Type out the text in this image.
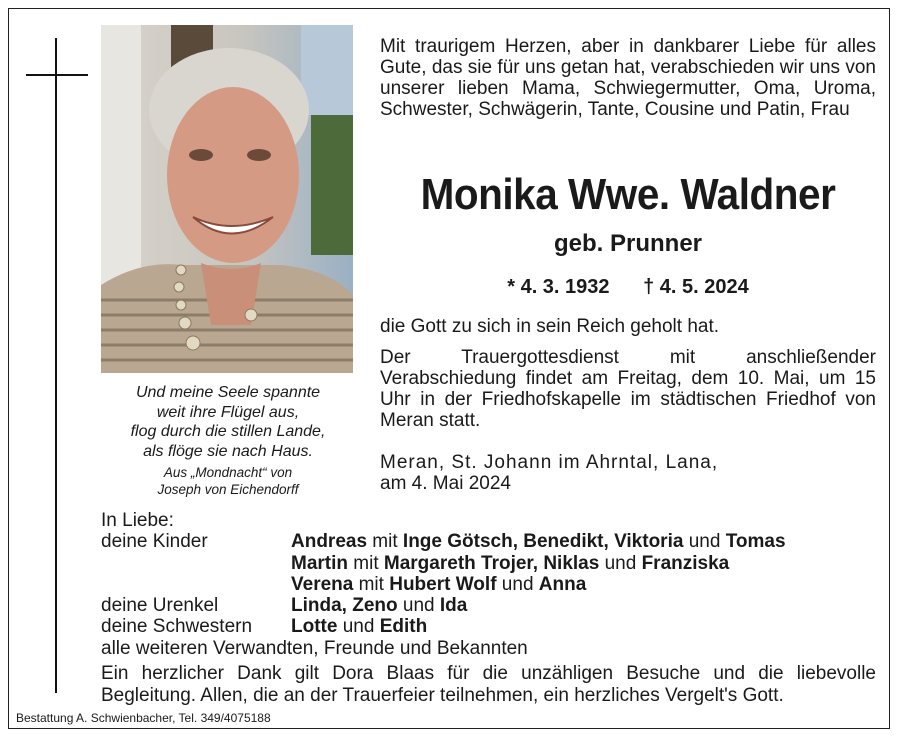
Und meine Seele spannte
weit ihre Flügel aus,
flog durch die stillen Lande,
als flöge sie nach Haus.
Aus „Mondnacht“ von
Joseph von Eichendorff
Mit traurigem Herzen, aber in dankbarer Liebe für alles Gute, das sie für uns getan hat, verabschieden wir uns von unserer lieben Mama, Schwiegermutter, Oma, Uroma, Schwester, Schwägerin, Tante, Cousine und Patin, Frau
Monika Wwe. Waldner
geb. Prunner
* 4. 3. 1932 † 4. 5. 2024
die Gott zu sich in sein Reich geholt hat.
Der Trauergottesdienst mit anschließender Verabschiedung findet am Freitag, dem 10. Mai, um 15 Uhr in der Friedhofskapelle im städtischen Friedhof von Meran statt.
Meran, St. Johann im Ahrntal, Lana,
am 4. Mai 2024
In Liebe:
deine Kinder	Andreas mit Inge Götsch, Benedikt, Viktoria und Tomas
Martin mit Margareth Trojer, Niklas und Franziska
Verena mit Hubert Wolf und Anna
deine Urenkel	Linda, Zeno und Ida
deine Schwestern Lotte und Edith
alle weiteren Verwandten, Freunde und Bekannten
Ein herzlicher Dank gilt Dora Blaas für die unzähligen Besuche und die liebevolle Begleitung. Allen, die an der Trauerfeier teilnehmen, ein herzliches Vergelt's Gott.
Bestattung A. Schwienbacher, Tel. 349/4075188
